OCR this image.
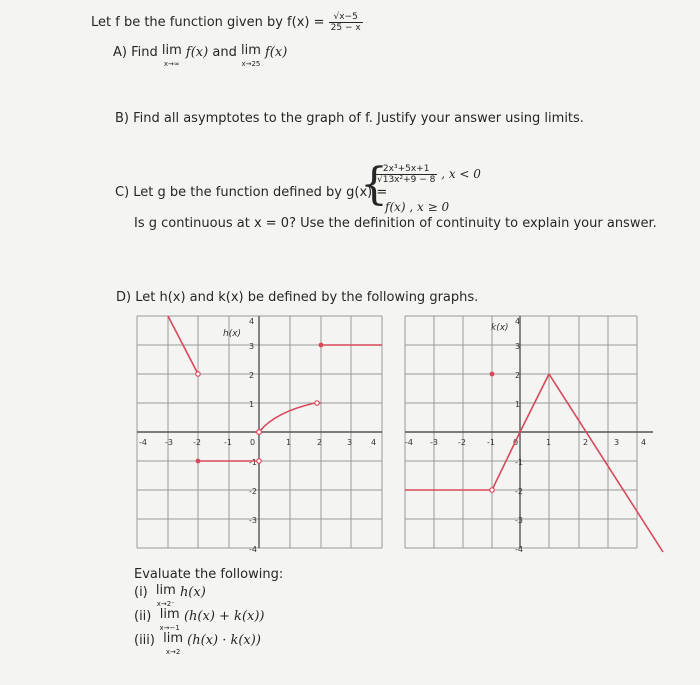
Let f be the function given by $f(x) = \frac{√x-5}{25 - x}$
A) Find lim
x→∞ f(x) and lim
x→25 f(x)
B) Find all asymptotes to the graph of f. Justify your answer using limits.
C) Let g be the function defined by g(x) =
{
$\frac{\text{2x³+5x+1}}{\text{√13x²+9 − 8}}$ , x < 0
f(x) , x ≥ 0
Is g continuous at x = 0? Use the definition of continuity to explain your answer.
D) Let h(x) and k(x) be defined by the following graphs.
-4 -3	-2	-1 0	1	2	3 4
4
3
2
1
-1
-2
-3
-4
h(x)
-4 -3	-2	-1 0	1	2	3	4
4
3
2
1
-1
-2
-3
-4
k(x)
Evaluate the following:
(i) lim
x→2⁻ h(x)
(ii) lim
x→−1 (h(x) + k(x))
(iii) lim
x→2 (h(x) · k(x))
